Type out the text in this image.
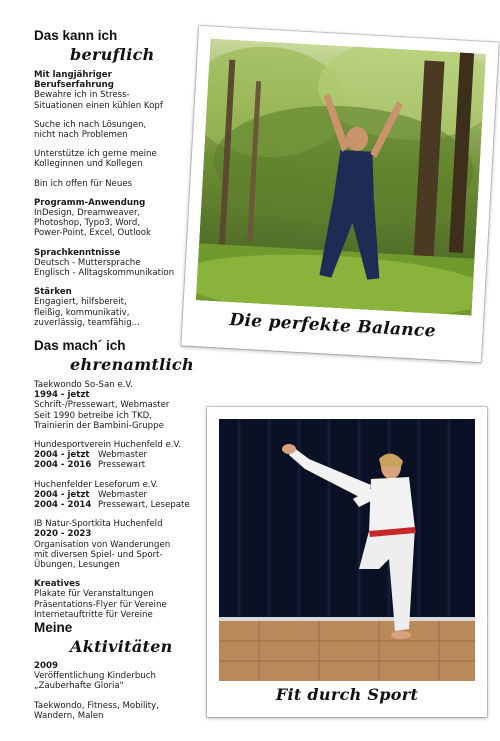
Das kann ich
beruflich
Mit langjähriger
Berufserfahrung
Bewahre ich in Stress-
Situationen einen kühlen Kopf
Suche ich nach Lösungen,
nicht nach Problemen
Unterstütze ich gerne meine
Kolleginnen und Kollegen
Bin ich offen für Neues
Programm-Anwendung
InDesign, Dreamweaver,
Photoshop, Typo3, Word,
Power-Point, Excel, Outlook
Sprachkenntnisse
Deutsch - Muttersprache
Englisch - Alltagskommunikation
Stärken
Engagiert, hilfsbereit,
fleißig, kommunikativ,
zuverlässig, teamfähig...
Das mach´ ich
ehrenamtlich
Taekwondo So-San e.V.
1994 - jetzt
Schrift-/Pressewart, Webmaster
Seit 1990 betreibe ich TKD,
Trainierin der Bambini-Gruppe
Hundesportverein Huchenfeld e.V.
2004 - jetzt Webmaster
2004 - 2016 Pressewart
Huchenfelder Leseforum e.V.
2004 - jetzt Webmaster
2004 - 2014 Pressewart, Lesepate
IB Natur-Sportkita Huchenfeld
2020 - 2023
Organisation von Wanderungen
mit diversen Spiel- und Sport-
Übungen, Lesungen
Kreatives
Plakate für Veranstaltungen
Präsentations-Flyer für Vereine
Internetauftritte für Vereine
Meine
Aktivitäten
2009
Veröffentlichung Kinderbuch
„Zauberhafte Gloria"
Taekwondo, Fitness, Mobility,
Wandern, Malen
Die perfekte Balance
Fit durch Sport
